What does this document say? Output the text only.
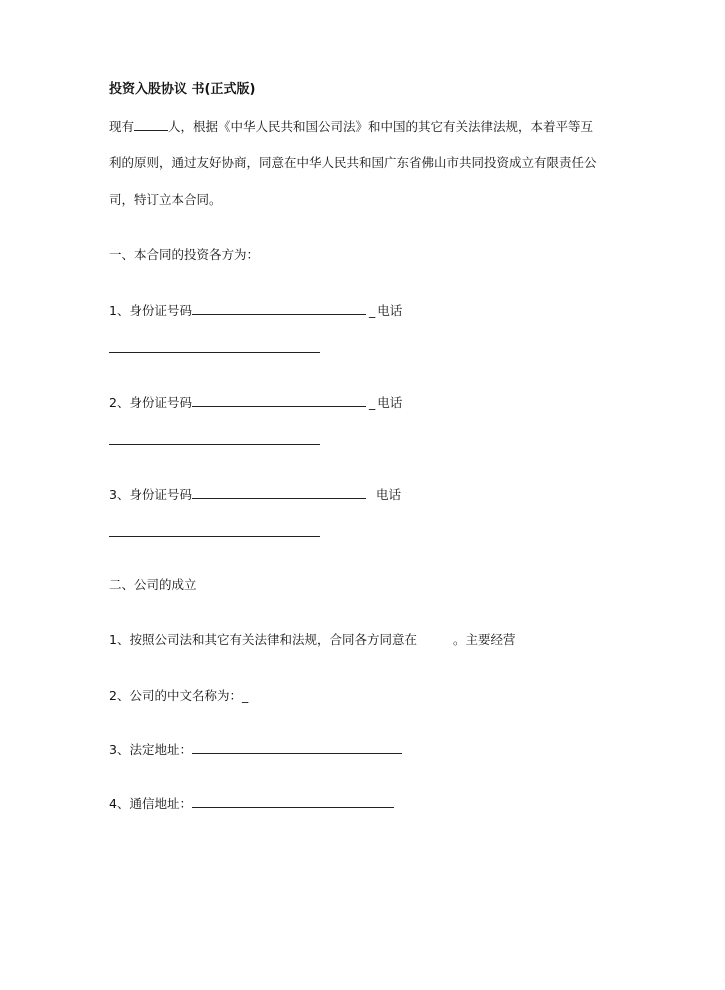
投资入股协议 书(正式版)
现有	人，根据《中华人民共和国公司法》和中国的其它有关法律法规，本着平等互
利的原则，通过友好协商，同意在中华人民共和国广东省佛山市共同投资成立有限责任公
司，特订立本合同。
一、本合同的投资各方为：
1、身份证号码	_ 电话
2、身份证号码	_ 电话
3、身份证号码	电话
二、公司的成立
1、按照公司法和其它有关法律和法规，合同各方同意在	。主要经营
2、公司的中文名称为：_
3、法定地址：
4、通信地址：
